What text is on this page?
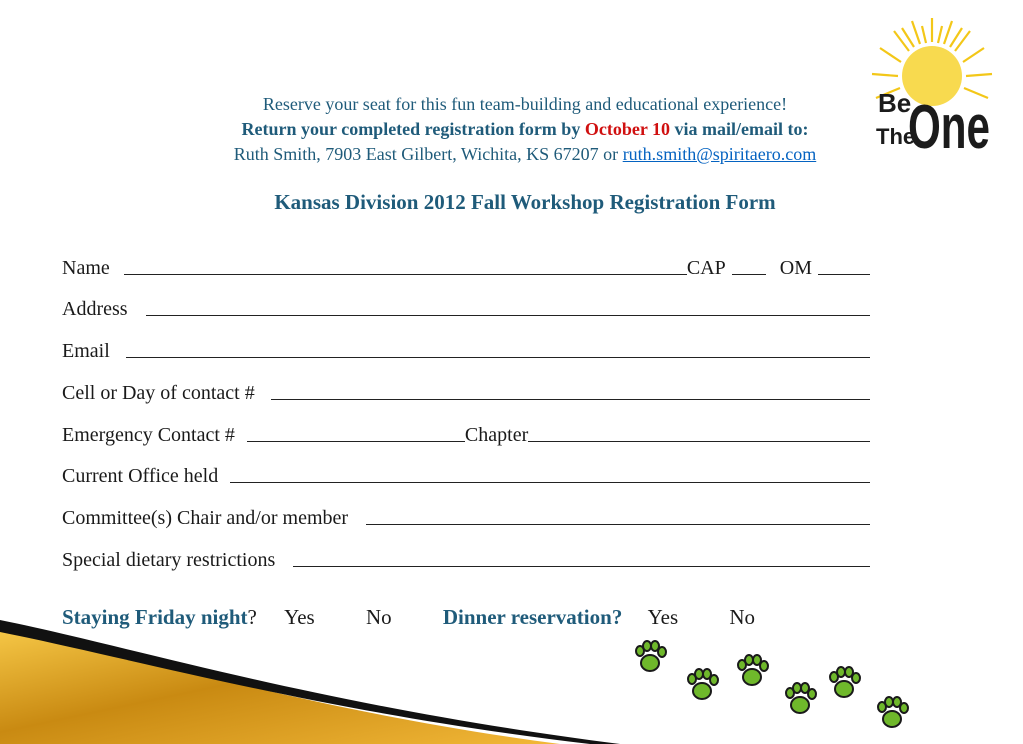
Be
The
One
Reserve your seat for this fun team-building and educational experience!
Return your completed registration form by October 10 via mail/email to:
Ruth Smith, 7903 East Gilbert, Wichita, KS 67207 or ruth.smith@spiritaero.com
Kansas Division 2012 Fall Workshop Registration Form
Name	CAP	OM
Address
Email
Cell or Day of contact #
Emergency Contact #	Chapter
Current Office held
Committee(s) Chair and/or member
Special dietary restrictions
Staying Friday night? Yes No Dinner reservation? Yes No
